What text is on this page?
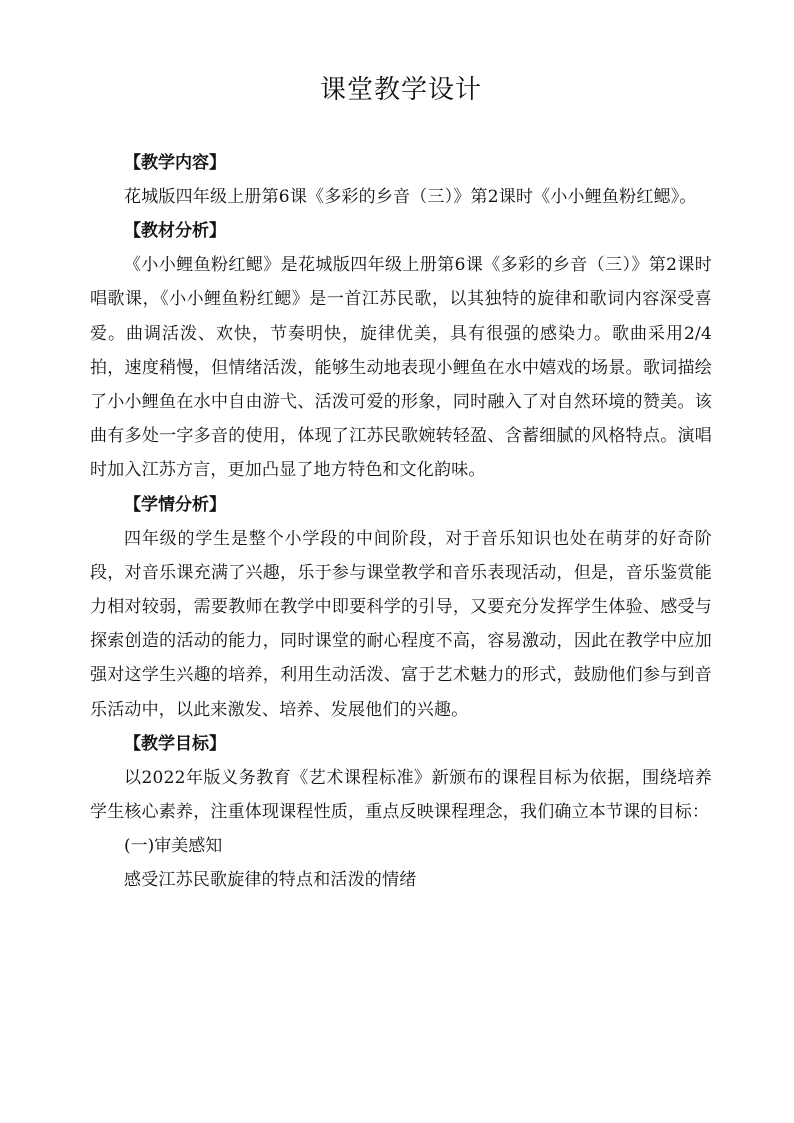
课堂教学设计

【教学内容】

花城版四年级上册第6课《多彩的乡音（三）》第2课时《小小鲤鱼粉红鳃》。

【教材分析】

《小小鲤鱼粉红鳃》是花城版四年级上册第6课《多彩的乡音（三）》第2课时唱歌课，《小小鲤鱼粉红鳃》是一首江苏民歌，以其独特的旋律和歌词内容深受喜爱。曲调活泼、欢快，节奏明快，旋律优美，具有很强的感染力。歌曲采用2/4拍，速度稍慢，但情绪活泼，能够生动地表现小鲤鱼在水中嬉戏的场景。歌词描绘了小小鲤鱼在水中自由游弋、活泼可爱的形象，同时融入了对自然环境的赞美。该曲有多处一字多音的使用，体现了江苏民歌婉转轻盈、含蓄细腻的风格特点。演唱时加入江苏方言，更加凸显了地方特色和文化韵味。

【学情分析】

四年级的学生是整个小学段的中间阶段，对于音乐知识也处在萌芽的好奇阶段，对音乐课充满了兴趣，乐于参与课堂教学和音乐表现活动，但是，音乐鉴赏能力相对较弱，需要教师在教学中即要科学的引导，又要充分发挥学生体验、感受与探索创造的活动的能力，同时课堂的耐心程度不高，容易激动，因此在教学中应加强对这学生兴趣的培养，利用生动活泼、富于艺术魅力的形式，鼓励他们参与到音乐活动中，以此来激发、培养、发展他们的兴趣。

【教学目标】

以2022年版义务教育《艺术课程标准》新颁布的课程目标为依据，围绕培养学生核心素养，注重体现课程性质，重点反映课程理念，我们确立本节课的目标：

(一)审美感知

感受江苏民歌旋律的特点和活泼的情绪
